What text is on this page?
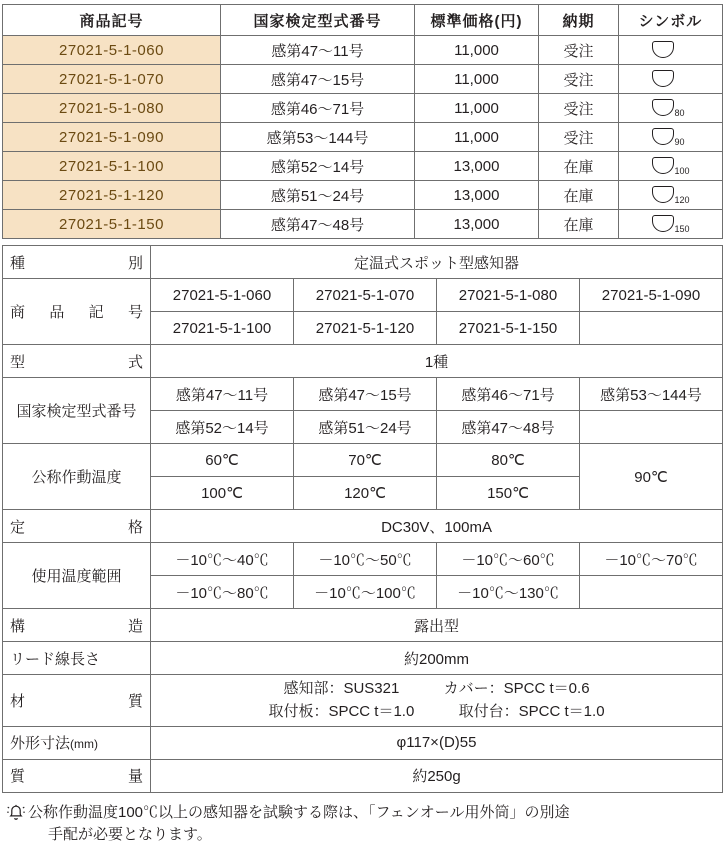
商品記号	国家検定型式番号	標準価格(円)	納期	シンボル
27021-5-1-060	感第47〜11号	11,000	受注	

27021-5-1-070	感第47〜15号	11,000	受注	

27021-5-1-080	感第46〜71号	11,000	受注	80

27021-5-1-090	感第53〜144号	11,000	受注	90

27021-5-1-100	感第52〜14号	13,000	在庫	100

27021-5-1-120	感第51〜24号	13,000	在庫	120

27021-5-1-150	感第47〜48号	13,000	在庫	150
種 別	定温式スポット型感知器			

商 品 記 号	27021-5-1-060	27021-5-1-070	27021-5-1-080	27021-5-1-090
	27021-5-1-100	27021-5-1-120	27021-5-1-150	

型 式	1種			
国家検定型式番号	感第47〜11号	感第47〜15号	感第46〜71号	感第53〜144号
	感第52〜14号	感第51〜24号	感第47〜48号	
公称作動温度	60℃	70℃	80℃	90℃
	100℃	120℃	150℃	

定 格	DC30V、100mA			
使用温度範囲	－10℃〜40℃	－10℃〜50℃	－10℃〜60℃	－10℃〜70℃
	－10℃〜80℃	－10℃〜100℃	－10℃〜130℃	

構 造	露出型			
リード線長さ	約200mm			

材 質	感知部：SUS321 カバー：SPCC t＝0.6
取付板：SPCC t＝1.0 取付台：SPCC t＝1.0			

外形寸法(mm)	φ117×(D)55			

質 量	約250g			
公称作動温度100℃以上の感知器を試験する際は、「フェンオール用外筒」の別途
手配が必要となります。
